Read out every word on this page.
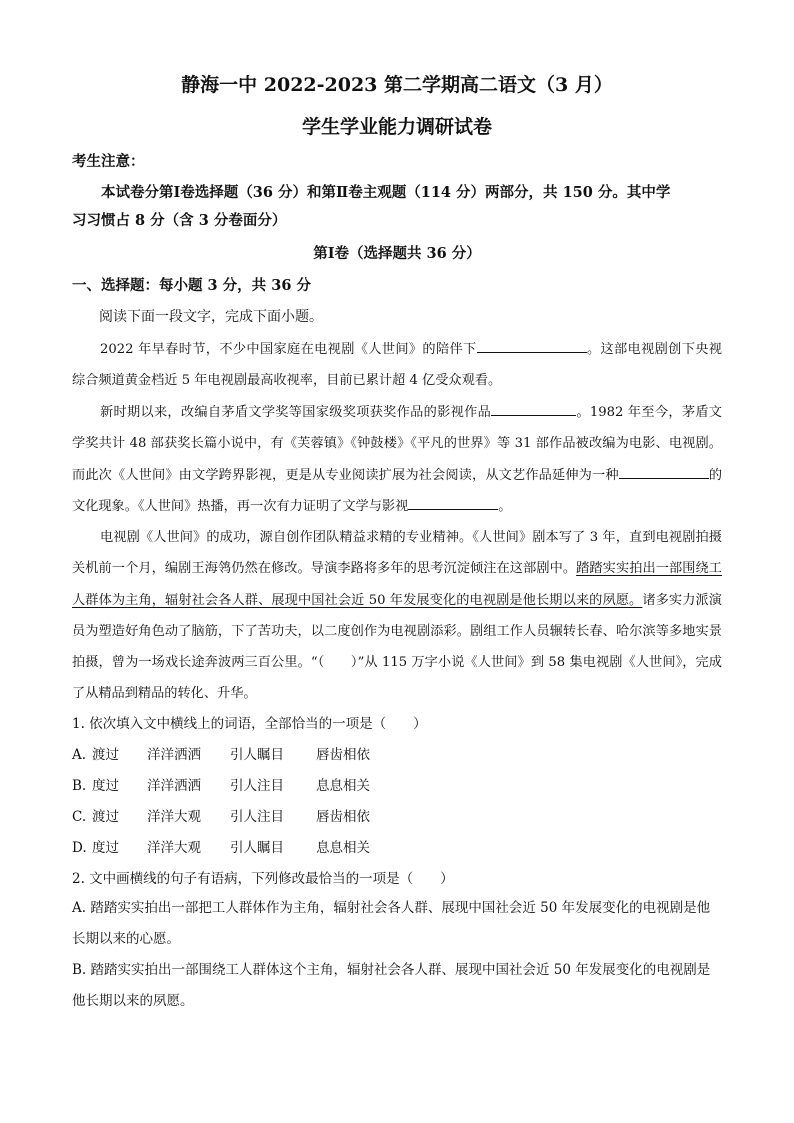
静海一中 2022-2023 第二学期高二语文（3 月）
学生学业能力调研试卷
考生注意：
本试卷分第Ⅰ卷选择题（36 分）和第Ⅱ卷主观题（114 分）两部分，共 150 分。其中学
习习惯占 8 分（含 3 分卷面分）
第Ⅰ卷（选择题共 36 分）
一、选择题：每小题 3 分，共 36 分
阅读下面一段文字，完成下面小题。

2022 年早春时节，不少中国家庭在电视剧《人世间》的陪伴下	。这部电视剧创下央视综合频道黄金档近 5 年电视剧最高收视率，目前已累计超 4 亿受众观看。

新时期以来，改编自茅盾文学奖等国家级奖项获奖作品的影视作品	。1982 年至今，茅盾文学奖共计 48 部获奖长篇小说中，有《芙蓉镇》《钟鼓楼》《平凡的世界》等 31 部作品被改编为电影、电视剧。而此次《人世间》由文学跨界影视，更是从专业阅读扩展为社会阅读，从文艺作品延伸为一种	的文化现象。《人世间》热播，再一次有力证明了文学与影视	。

电视剧《人世间》的成功，源自创作团队精益求精的专业精神。《人世间》剧本写了 3 年，直到电视剧拍摄关机前一个月，编剧王海鸰仍然在修改。导演李路将多年的思考沉淀倾注在这部剧中。踏踏实实拍出一部围绕工人群体为主角，辐射社会各人群、展现中国社会近 50 年发展变化的电视剧是他长期以来的夙愿。诸多实力派演员为塑造好角色动了脑筋，下了苦功夫，以二度创作为电视剧添彩。剧组工作人员辗转长春、哈尔滨等多地实景拍摄，曾为一场戏长途奔波两三百公里。“（　　）”从 115 万字小说《人世间》到 58 集电视剧《人世间》，完成了从精品到精品的转化、升华。

1. 依次填入文中横线上的词语，全部恰当的一项是（　　）
A. 渡过 洋洋洒洒 引人瞩目 唇齿相依
B. 度过 洋洋洒洒 引人注目 息息相关
C. 渡过 洋洋大观 引人注目 唇齿相依
D. 度过 洋洋大观 引人瞩目 息息相关
2. 文中画横线的句子有语病，下列修改最恰当的一项是（　　）
A. 踏踏实实拍出一部把工人群体作为主角，辐射社会各人群、展现中国社会近 50 年发展变化的电视剧是他长期以来的心愿。
B. 踏踏实实拍出一部围绕工人群体这个主角，辐射社会各人群、展现中国社会近 50 年发展变化的电视剧是他长期以来的夙愿。
